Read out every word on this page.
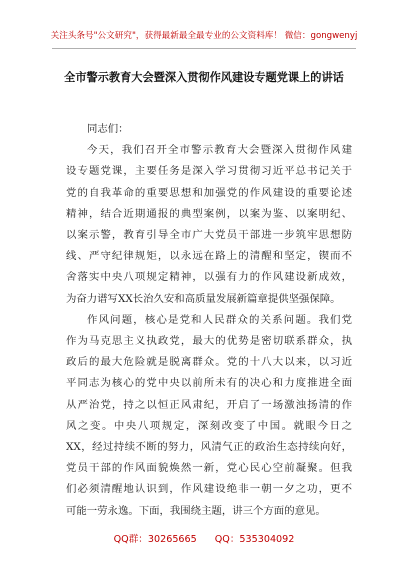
关注头条号"公文研究"，获得最新最全最专业的公文资料库！ 微信：gongwenyj
全市警示教育大会暨深入贯彻作风建设专题党课上的讲话
同志们：
今天，我们召开全市警示教育大会暨深入贯彻作风建
设专题党课，主要任务是深入学习贯彻习近平总书记关于
党的自我革命的重要思想和加强党的作风建设的重要论述
精神，结合近期通报的典型案例，以案为鉴、以案明纪、
以案示警，教育引导全市广大党员干部进一步筑牢思想防
线、严守纪律规矩，以永远在路上的清醒和坚定，锲而不
舍落实中央八项规定精神，以强有力的作风建设新成效，
为奋力谱写XX长治久安和高质量发展新篇章提供坚强保障。
作风问题，核心是党和人民群众的关系问题。我们党
作为马克思主义执政党，最大的优势是密切联系群众，执
政后的最大危险就是脱离群众。党的十八大以来，以习近
平同志为核心的党中央以前所未有的决心和力度推进全面
从严治党，持之以恒正风肃纪，开启了一场激浊扬清的作
风之变。中央八项规定，深刻改变了中国。就眼今日之
XX，经过持续不断的努力，风清气正的政治生态持续向好，
党员干部的作风面貌焕然一新，党心民心空前凝聚。但我
们必须清醒地认识到，作风建设绝非一朝一夕之功，更不
可能一劳永逸。下面，我围绕主题，讲三个方面的意见。
QQ群：30265665 QQ：535304092
